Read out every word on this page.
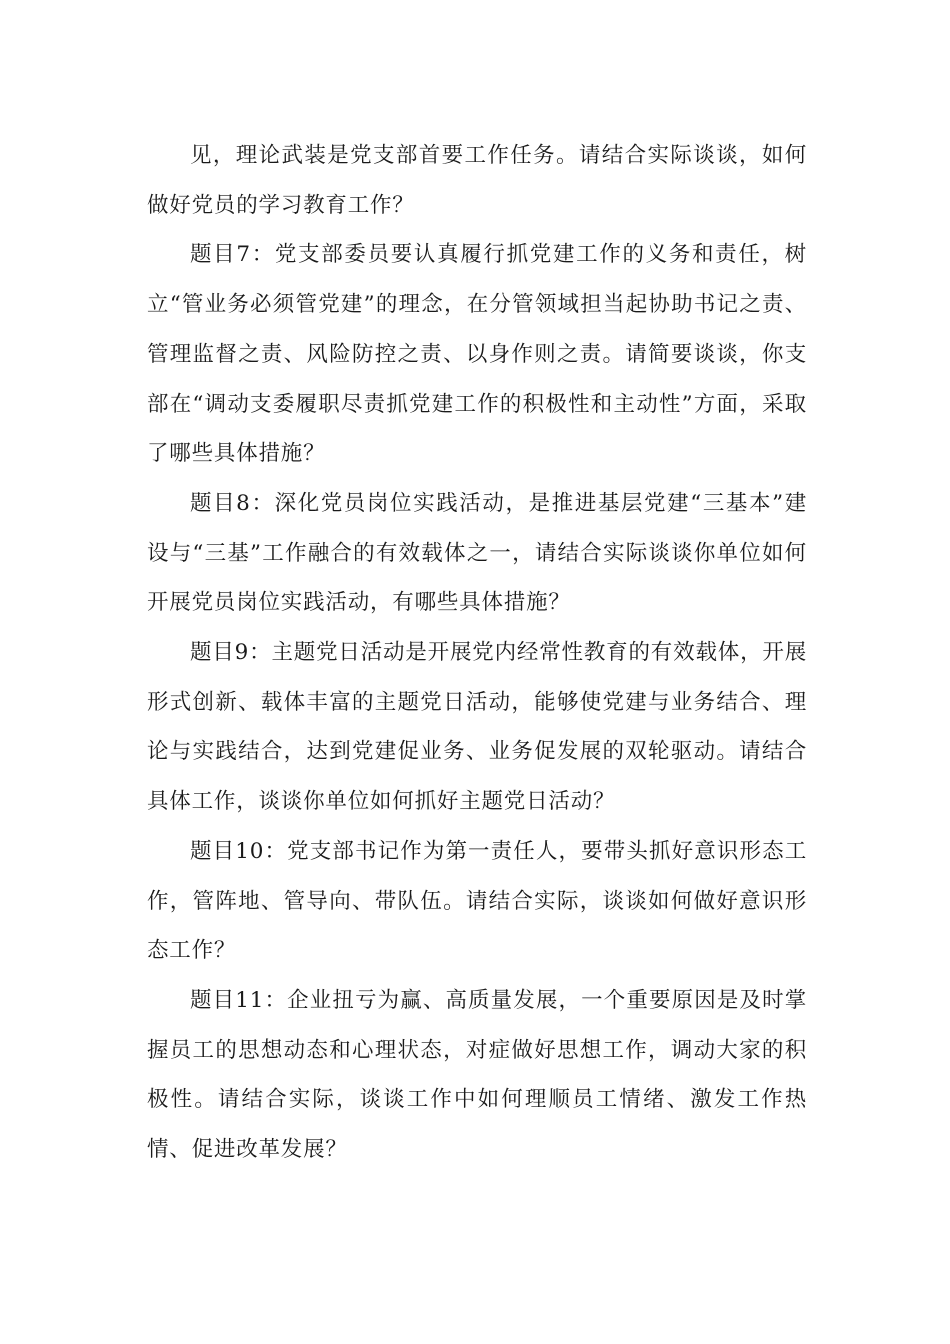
见，理论武装是党支部首要工作任务。请结合实际谈谈，如何做好党员的学习教育工作？

题目7：党支部委员要认真履行抓党建工作的义务和责任，树立“管业务必须管党建”的理念，在分管领域担当起协助书记之责、管理监督之责、风险防控之责、以身作则之责。请简要谈谈，你支部在“调动支委履职尽责抓党建工作的积极性和主动性”方面，采取了哪些具体措施？

题目8：深化党员岗位实践活动，是推进基层党建“三基本”建设与“三基”工作融合的有效载体之一，请结合实际谈谈你单位如何开展党员岗位实践活动，有哪些具体措施？

题目9：主题党日活动是开展党内经常性教育的有效载体，开展形式创新、载体丰富的主题党日活动，能够使党建与业务结合、理论与实践结合，达到党建促业务、业务促发展的双轮驱动。请结合具体工作，谈谈你单位如何抓好主题党日活动？

题目10：党支部书记作为第一责任人，要带头抓好意识形态工作，管阵地、管导向、带队伍。请结合实际，谈谈如何做好意识形态工作？

题目11：企业扭亏为赢、高质量发展，一个重要原因是及时掌握员工的思想动态和心理状态，对症做好思想工作，调动大家的积极性。请结合实际，谈谈工作中如何理顺员工情绪、激发工作热情、促进改革发展？
